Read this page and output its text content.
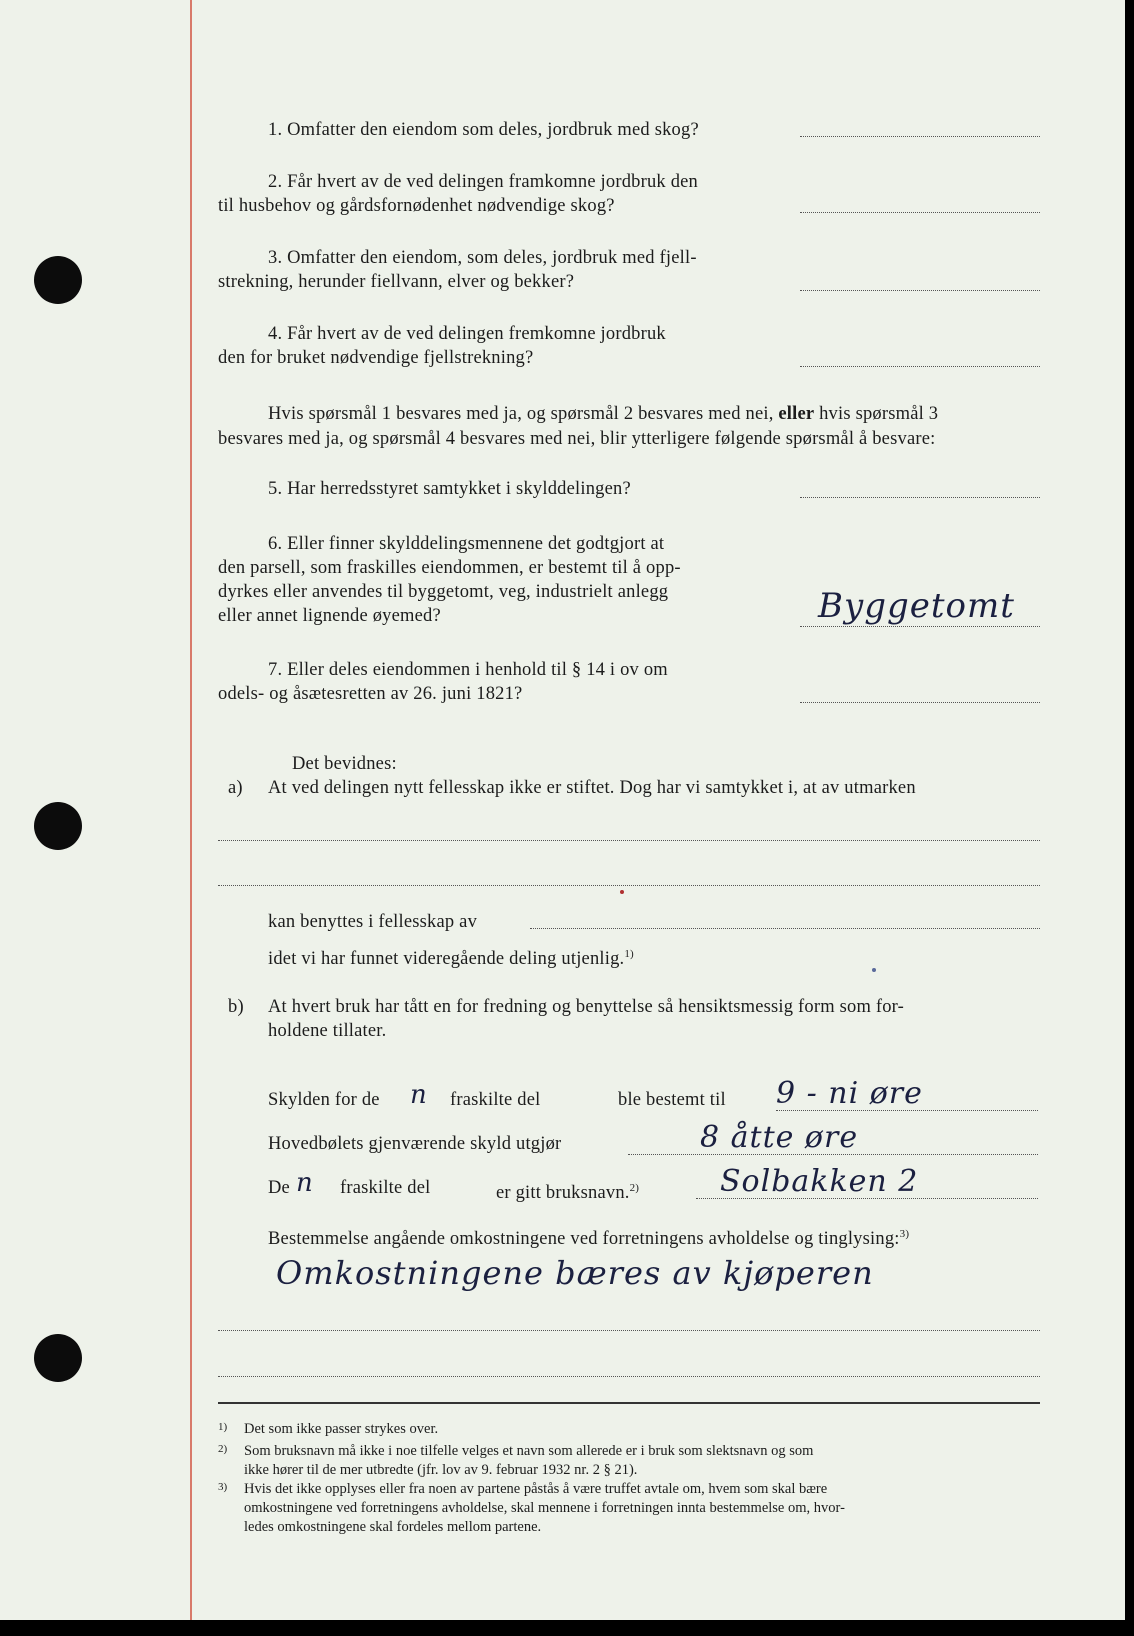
1. Omfatter den eiendom som deles, jordbruk med skog?
2. Får hvert av de ved delingen framkomne jordbruk den
til husbehov og gårdsfornødenhet nødvendige skog?
3. Omfatter den eiendom, som deles, jordbruk med fjell-
strekning, herunder fiellvann, elver og bekker?
4. Får hvert av de ved delingen fremkomne jordbruk
den for bruket nødvendige fjellstrekning?
Hvis spørsmål 1 besvares med ja, og spørsmål 2 besvares med nei, eller hvis spørsmål 3
besvares med ja, og spørsmål 4 besvares med nei, blir ytterligere følgende spørsmål å besvare:
5. Har herredsstyret samtykket i skylddelingen?
6. Eller finner skylddelingsmennene det godtgjort at
den parsell, som fraskilles eiendommen, er bestemt til å opp-
dyrkes eller anvendes til byggetomt, veg, industrielt anlegg
eller annet lignende øyemed?	Byggetomt
7. Eller deles eiendommen i henhold til § 14 i ov om
odels- og åsætesretten av 26. juni 1821?
Det bevidnes:
a) At ved delingen nytt fellesskap ikke er stiftet. Dog har vi samtykket i, at av utmarken
kan benyttes i fellesskap av
idet vi har funnet videregående deling utjenlig.$^{1)}$
b) At hvert bruk har tått en for fredning og benyttelse så hensiktsmessig form som for-
holdene tillater.
Skylden for de n fraskilte del	ble bestemt til 9 - ni øre
Hovedbølets gjenværende skyld utgjør	8 åtte øre
De n fraskilte del	er gitt bruksnavn.$^{2)}$	Solbakken 2
Bestemmelse angående omkostningene ved forretningens avholdelse og tinglysing:$^{3)}$
Omkostningene bæres av kjøperen
1) Det som ikke passer strykes over.
2) Som bruksnavn må ikke i noe tilfelle velges et navn som allerede er i bruk som slektsnavn og som
ikke hører til de mer utbredte (jfr. lov av 9. februar 1932 nr. 2 § 21).
3) Hvis det ikke opplyses eller fra noen av partene påstås å være truffet avtale om, hvem som skal bære
omkostningene ved forretningens avholdelse, skal mennene i forretningen innta bestemmelse om, hvor-
ledes omkostningene skal fordeles mellom partene.
